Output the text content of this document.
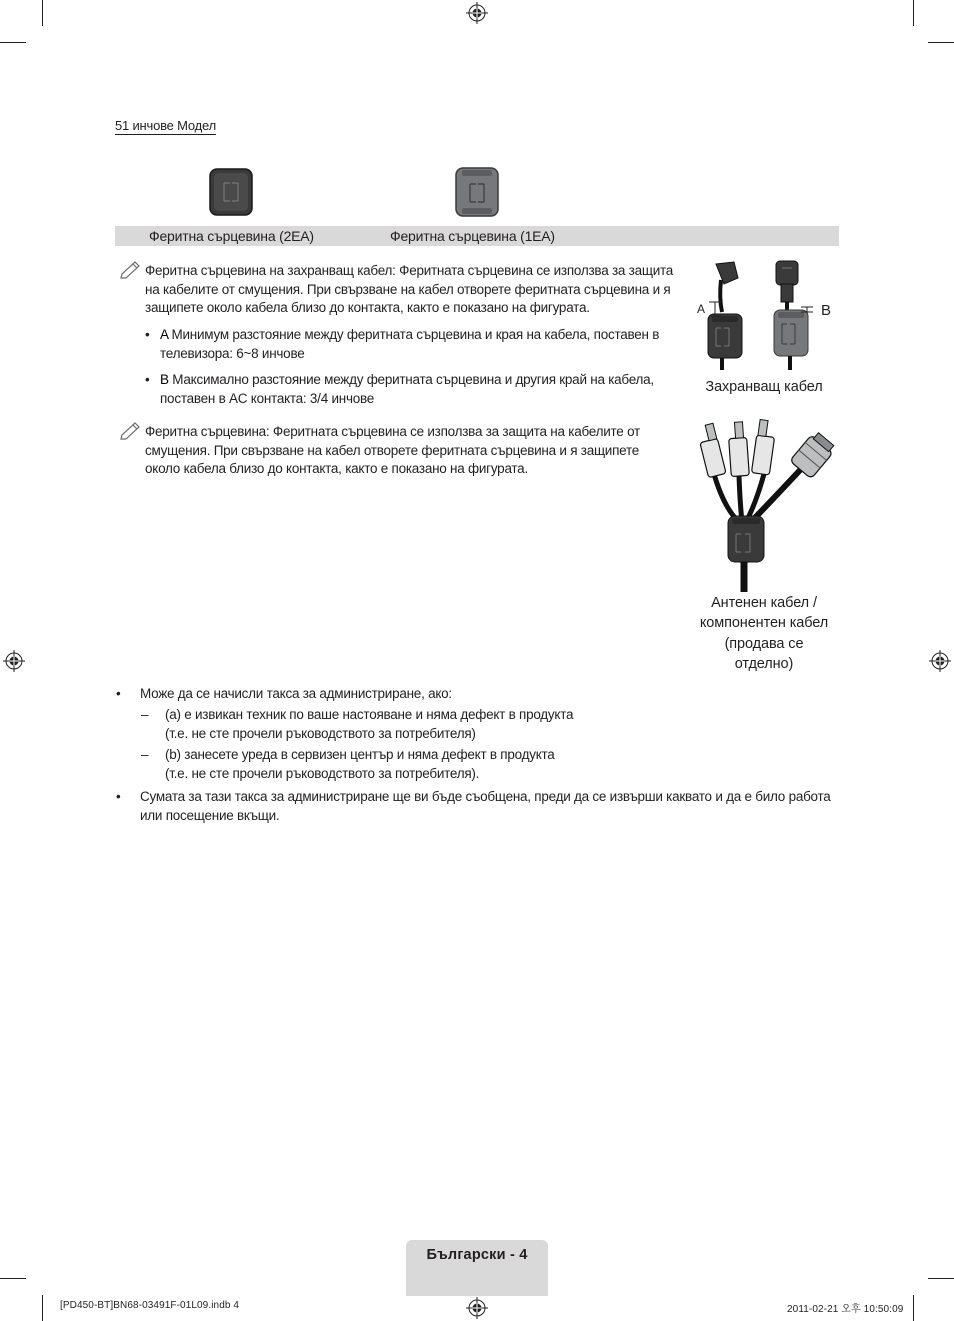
51 инчове Модел
Феритна сърцевина (2EA)	Феритна сърцевина (1EA)
Феритна сърцевина на захранващ кабел: Феритната сърцевина се използва за защита
на кабелите от смущения. При свързване на кабел отворете феритната сърцевина и я
защипете около кабела близо до контакта, както е показано на фигурата.
• A Минимум разстояние между феритната сърцевина и края на кабела, поставен в
телевизора: 6~8 инчове
• B Максимално разстояние между феритната сърцевина и другия край на кабела,
поставен в AC контакта: 3/4 инчове
Феритна сърцевина: Феритната сърцевина се използва за защита на кабелите от
смущения. При свързване на кабел отворете феритната сърцевина и я защипете
около кабела близо до контакта, както е показано на фигурата.
A	B
Захранващ кабел
Антенен кабел /
компонентен кабел
(продава се
отделно)
• Може да се начисли такса за администриране, ако:
– (a) е извикан техник по ваше настояване и няма дефект в продукта
(т.е. не сте прочели ръководството за потребителя)
– (b) занесете уреда в сервизен център и няма дефект в продукта
(т.е. не сте прочели ръководството за потребителя).
• Сумата за тази такса за администриране ще ви бъде съобщена, преди да се извърши каквато и да е било работа
или посещение вкъщи.
Български - 4
[PD450-BT]BN68-03491F-01L09.indb 4	2011-02-21 오후 10:50:09
